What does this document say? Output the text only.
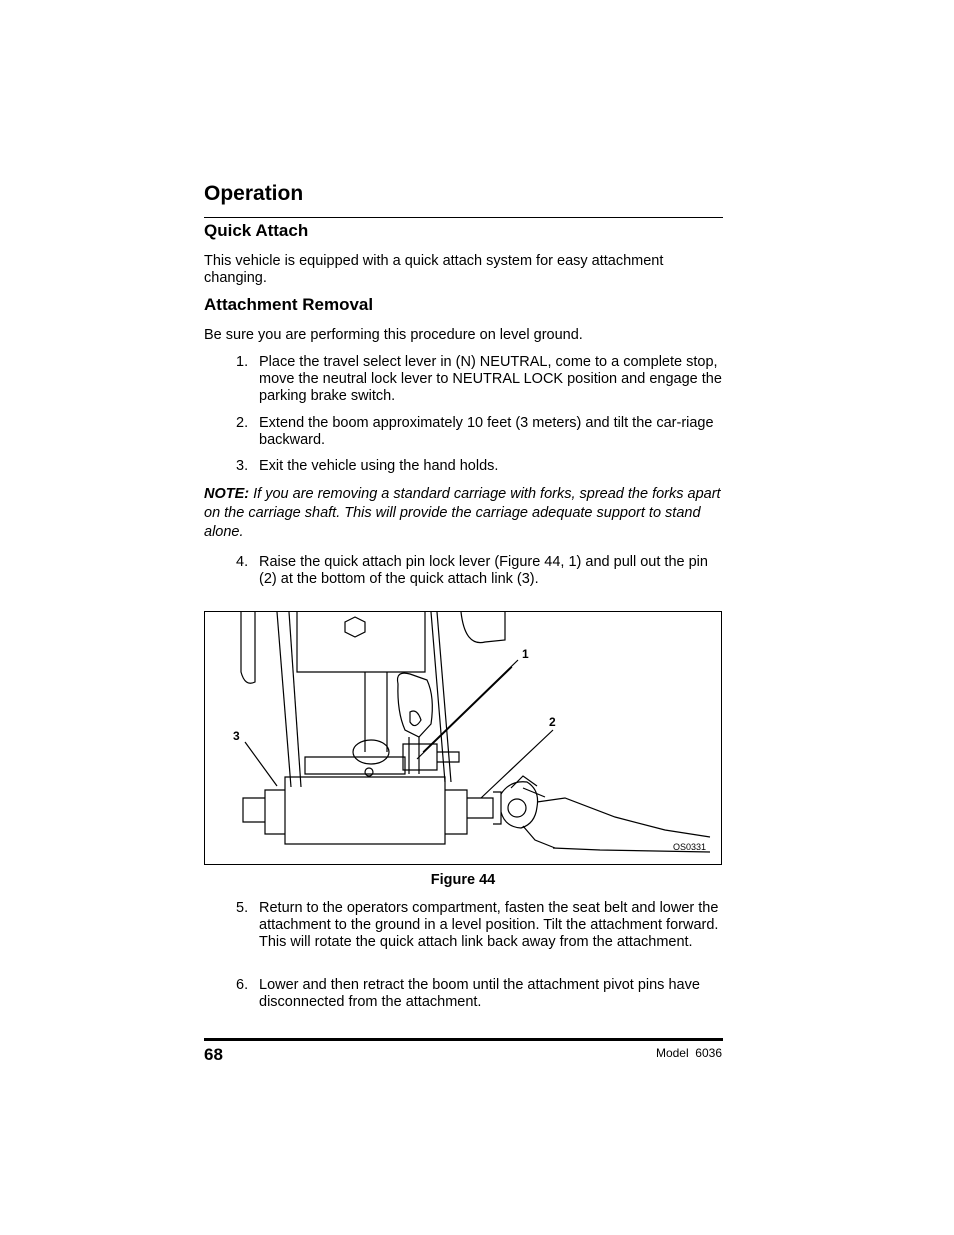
Operation
Quick Attach
This vehicle is equipped with a quick attach system for easy attachment changing.
Attachment Removal
Be sure you are performing this procedure on level ground.
1. Place the travel select lever in (N) NEUTRAL, come to a complete stop, move the neutral lock lever to NEUTRAL LOCK position and engage the parking brake switch.
2. Extend the boom approximately 10 feet (3 meters) and tilt the car-riage backward.
3. Exit the vehicle using the hand holds.
NOTE: If you are removing a standard carriage with forks, spread the forks apart on the carriage shaft. This will provide the carriage adequate support to stand alone.
4. Raise the quick attach pin lock lever (Figure 44, 1) and pull out the pin (2) at the bottom of the quick attach link (3).
1
2
3
OS0331
Figure 44
5. Return to the operators compartment, fasten the seat belt and lower the attachment to the ground in a level position. Tilt the attachment forward. This will rotate the quick attach link back away from the attachment.
6. Lower and then retract the boom until the attachment pivot pins have disconnected from the attachment.
68	Model  6036
